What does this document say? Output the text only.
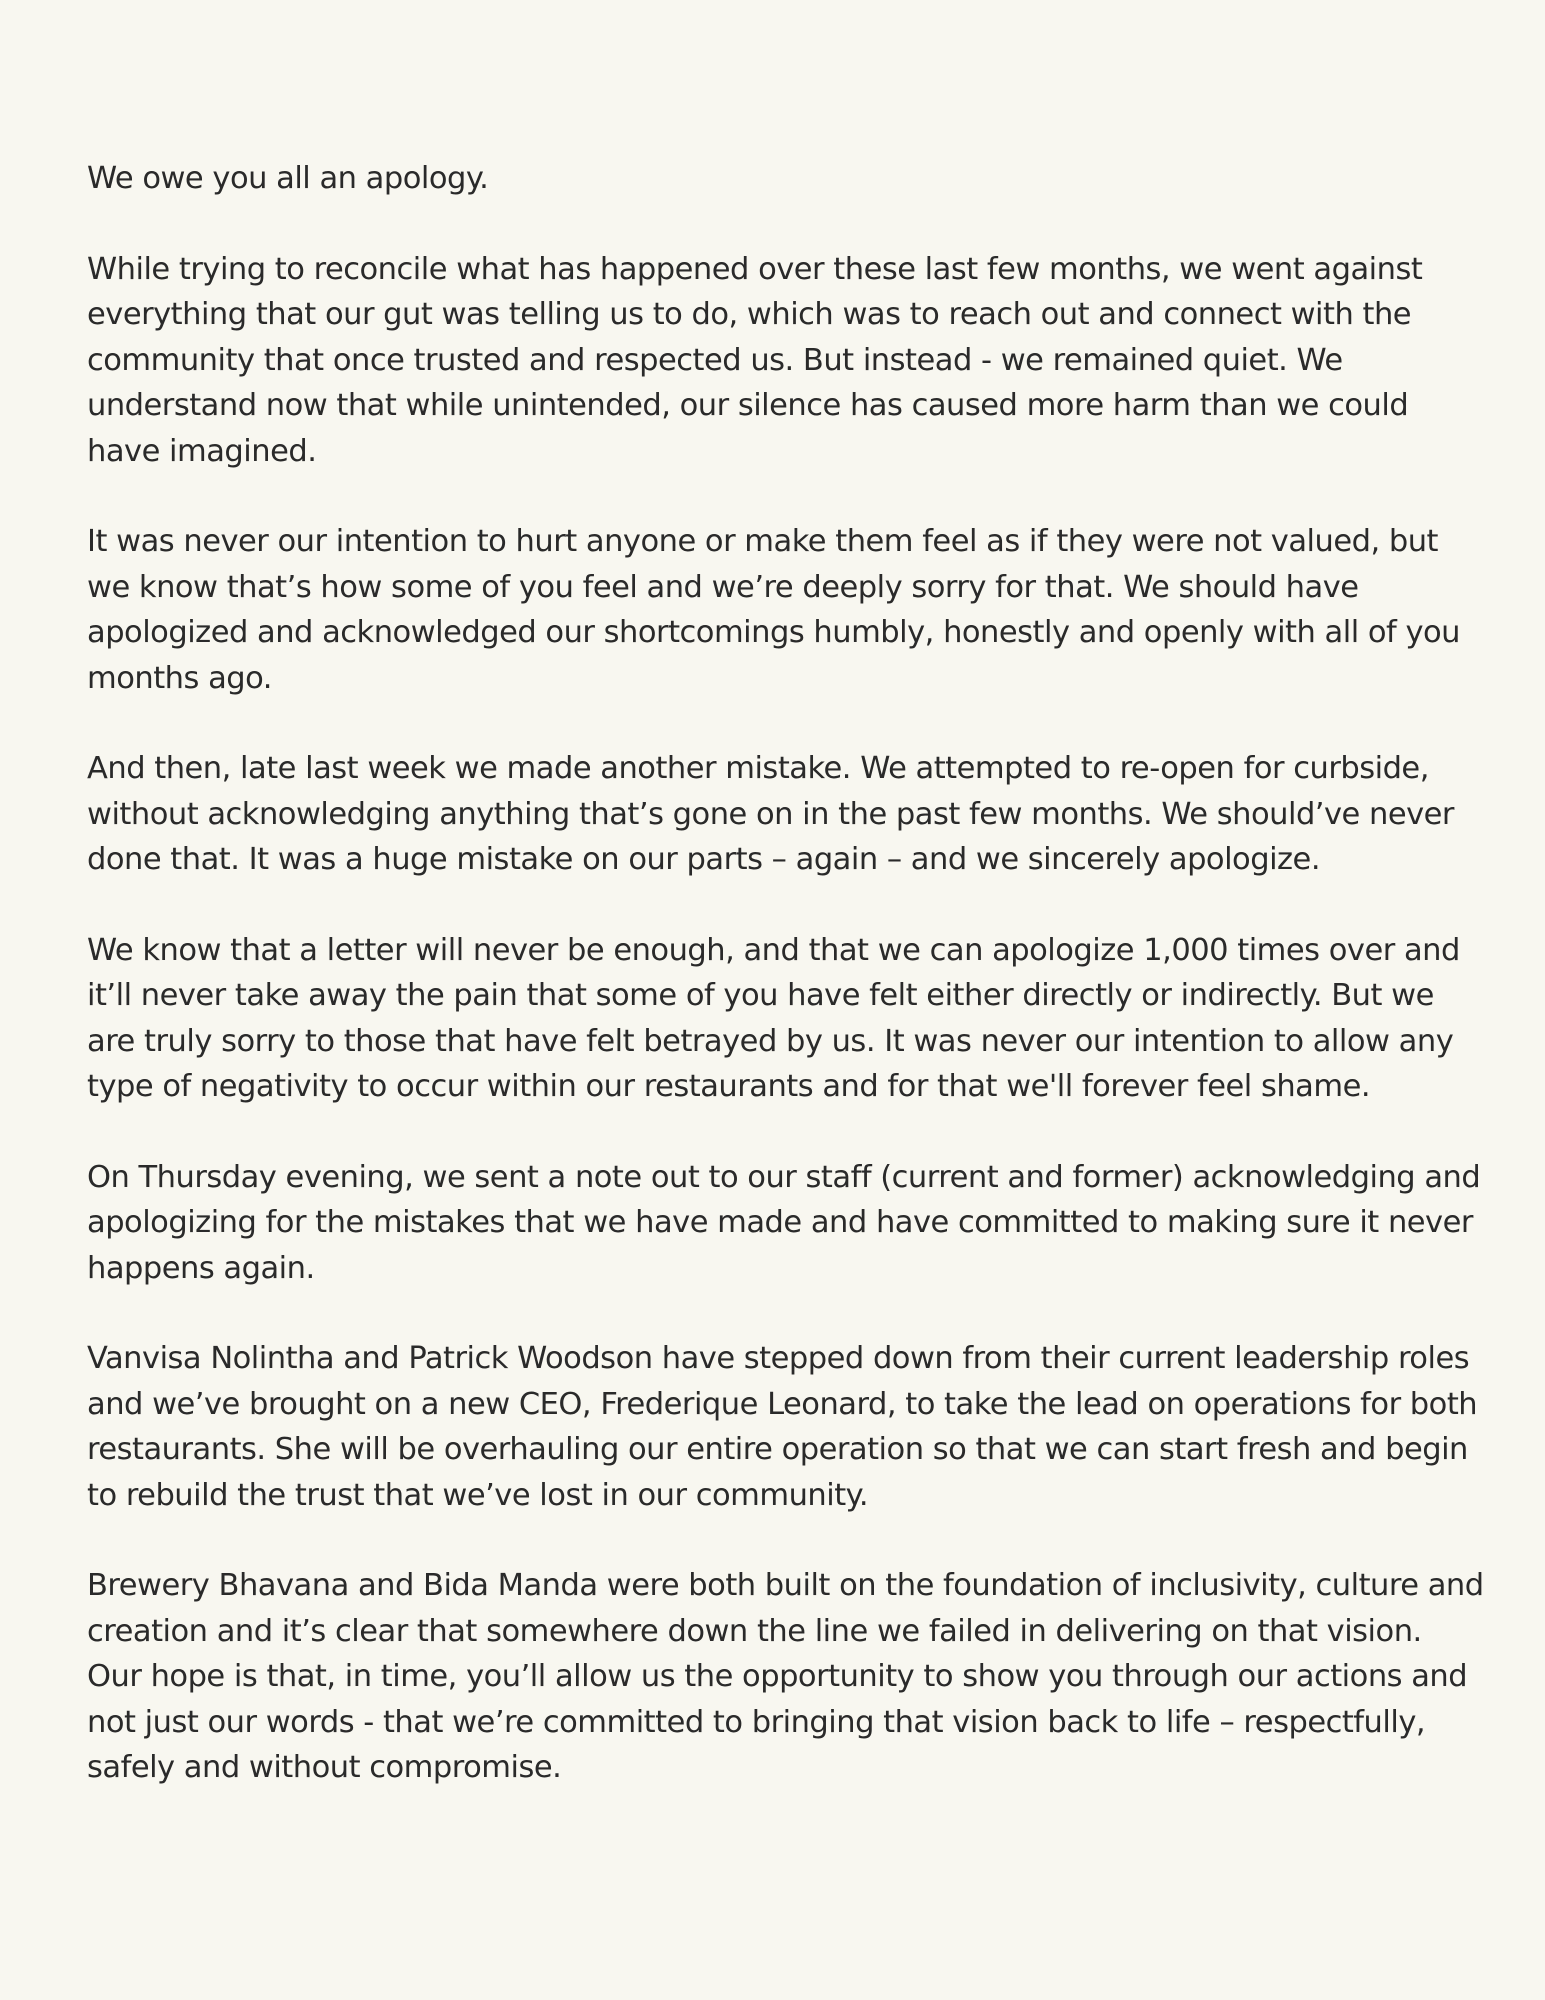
We owe you all an apology.

While trying to reconcile what has happened over these last few months, we went against everything that our gut was telling us to do, which was to reach out and connect with the community that once trusted and respected us. But instead - we remained quiet. We understand now that while unintended, our silence has caused more harm than we could have imagined.

It was never our intention to hurt anyone or make them feel as if they were not valued, but we know that’s how some of you feel and we’re deeply sorry for that. We should have apologized and acknowledged our shortcomings humbly, honestly and openly with all of you months ago.

And then, late last week we made another mistake. We attempted to re-open for curbside, without acknowledging anything that’s gone on in the past few months. We should’ve never done that. It was a huge mistake on our parts – again – and we sincerely apologize.

We know that a letter will never be enough, and that we can apologize 1,000 times over and it’ll never take away the pain that some of you have felt either directly or indirectly. But we are truly sorry to those that have felt betrayed by us. It was never our intention to allow any type of negativity to occur within our restaurants and for that we'll forever feel shame.

On Thursday evening, we sent a note out to our staff (current and former) acknowledging and apologizing for the mistakes that we have made and have committed to making sure it never happens again.

Vanvisa Nolintha and Patrick Woodson have stepped down from their current leadership roles and we’ve brought on a new CEO, Frederique Leonard, to take the lead on operations for both restaurants. She will be overhauling our entire operation so that we can start fresh and begin to rebuild the trust that we’ve lost in our community.

Brewery Bhavana and Bida Manda were both built on the foundation of inclusivity, culture and creation and it’s clear that somewhere down the line we failed in delivering on that vision. Our hope is that, in time, you’ll allow us the opportunity to show you through our actions and not just our words - that we’re committed to bringing that vision back to life – respectfully, safely and without compromise.
